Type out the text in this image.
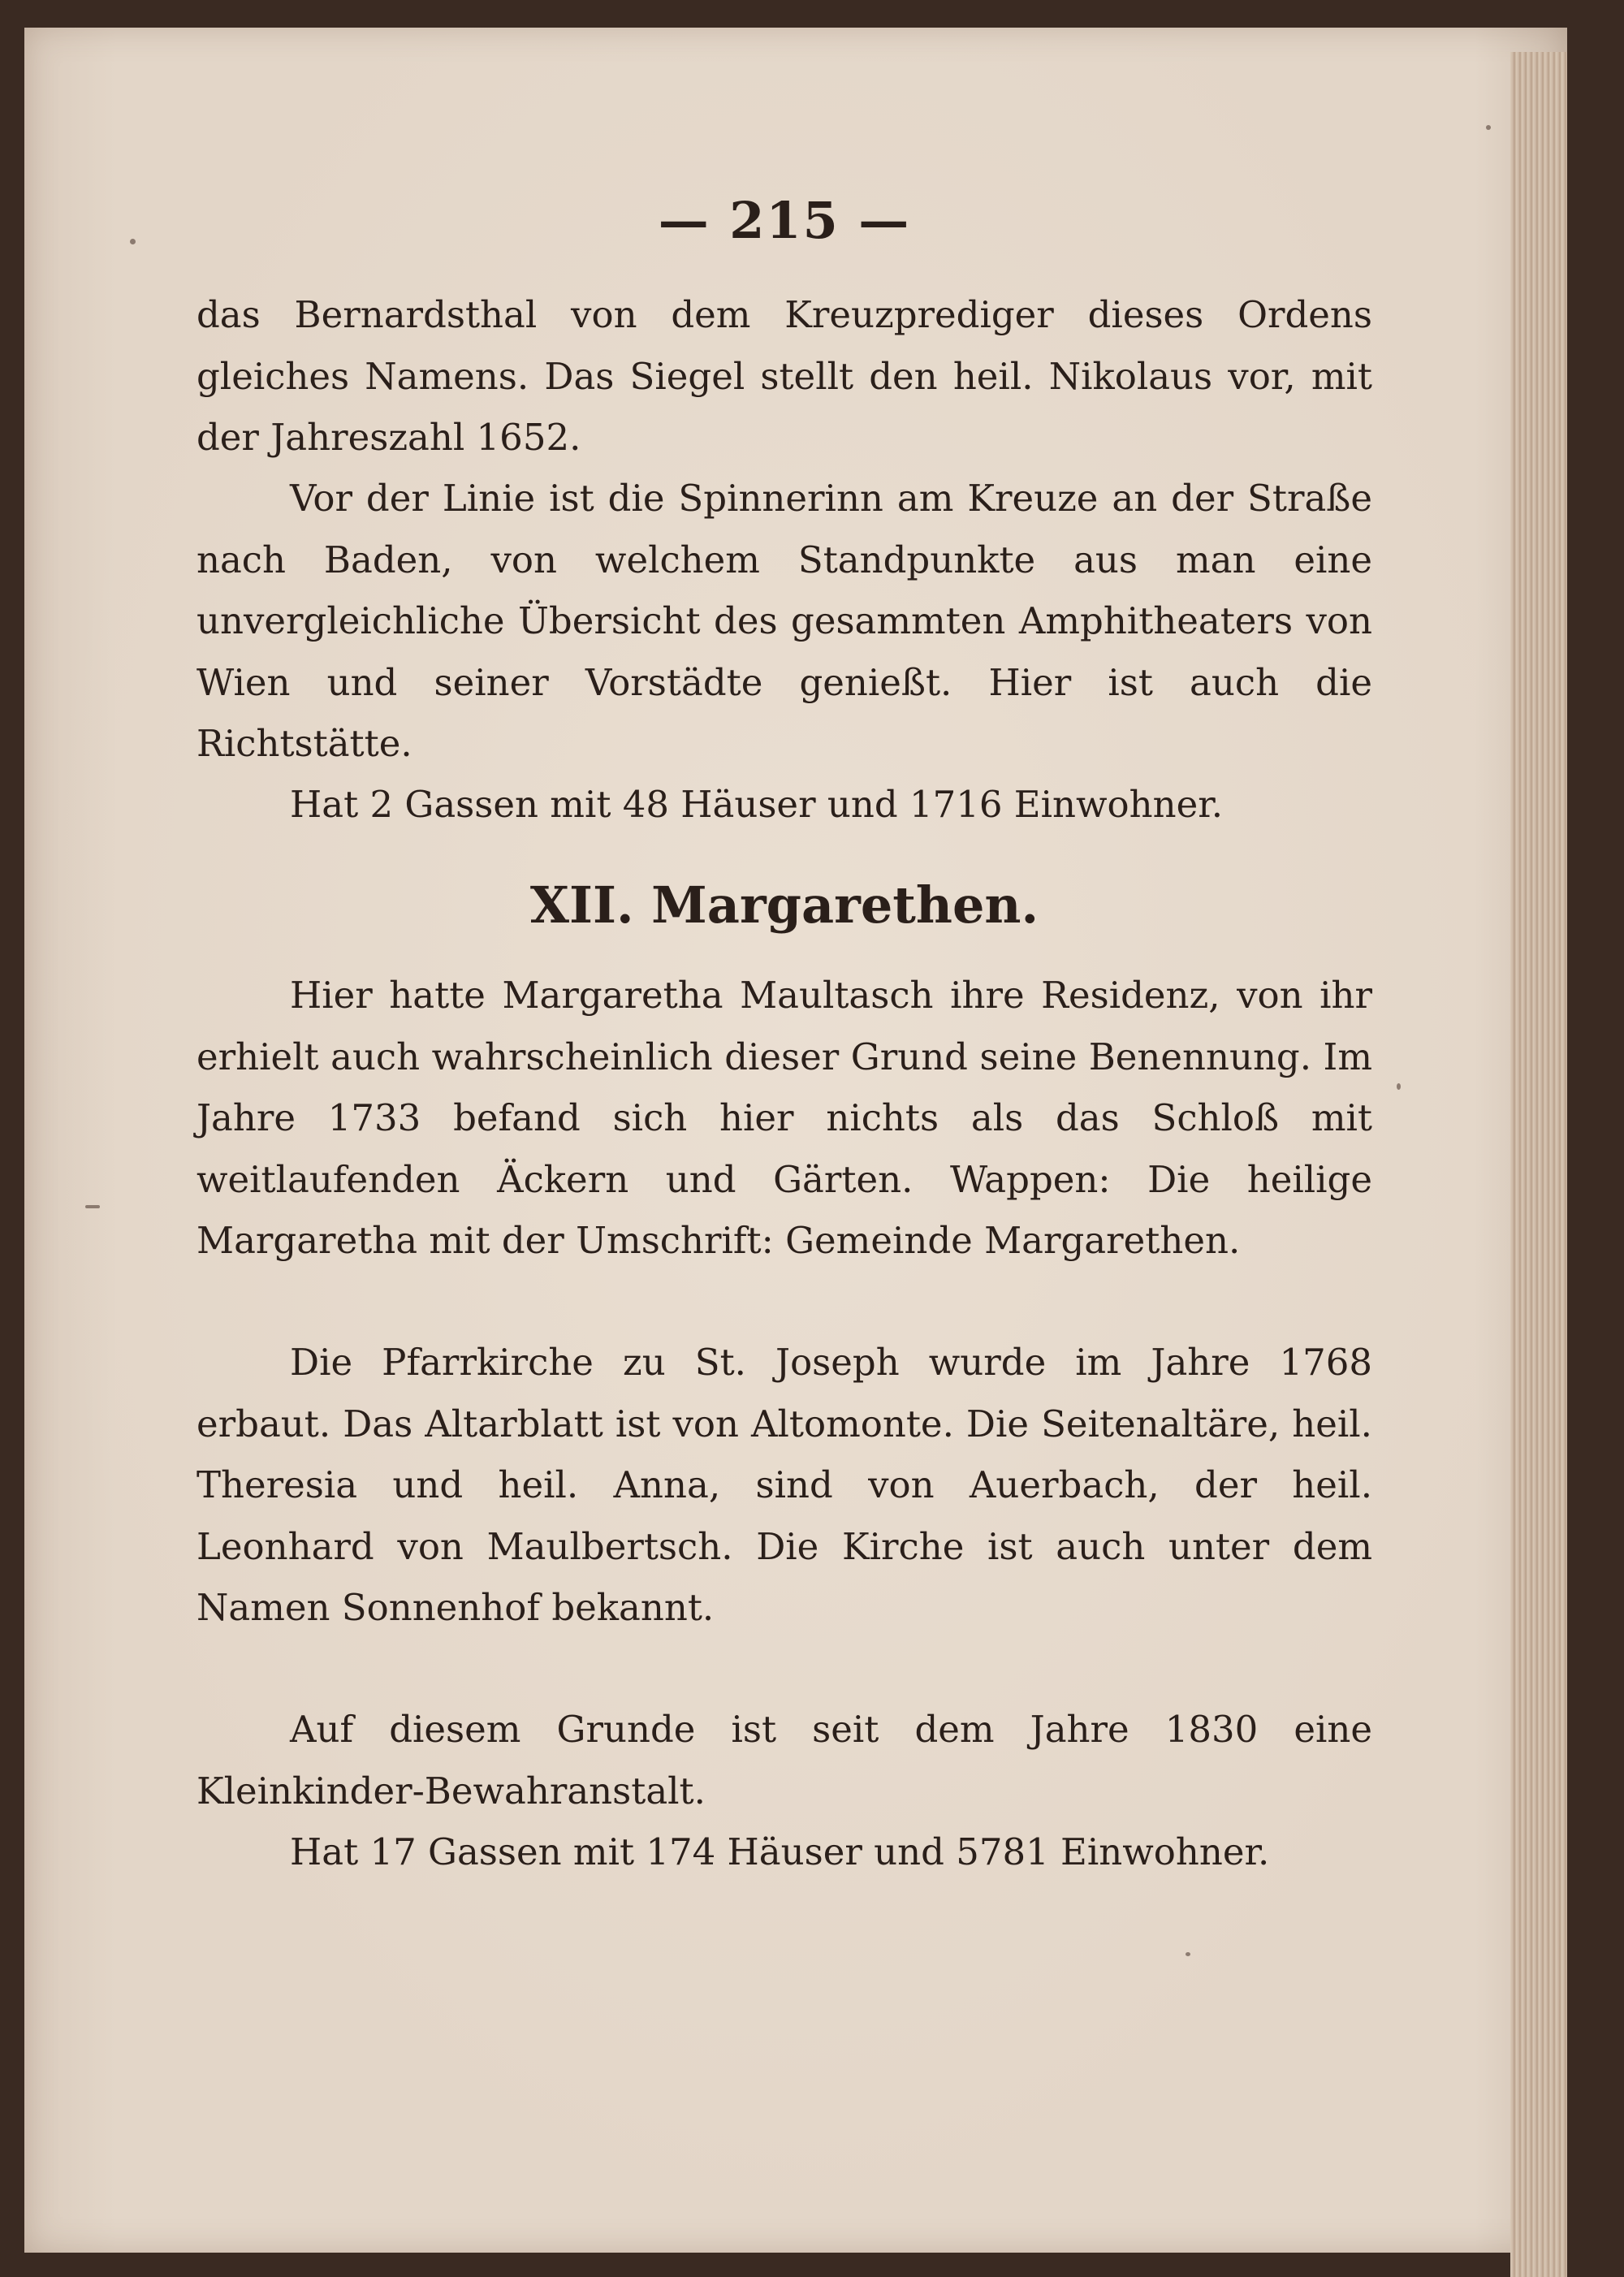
— 215 —

das Bernardsthal von dem Kreuzprediger dieses Ordens gleiches Namens. Das Siegel stellt den heil. Nikolaus vor, mit der Jahreszahl 1652.

Vor der Linie ist die Spinnerinn am Kreuze an der Straße nach Baden, von welchem Standpunkte aus man eine unvergleichliche Übersicht des gesammten Amphitheaters von Wien und seiner Vorstädte genießt. Hier ist auch die Richtstätte.

Hat 2 Gassen mit 48 Häuser und 1716 Einwohner.

XII. Margarethen.

Hier hatte Margaretha Maultasch ihre Residenz, von ihr erhielt auch wahrscheinlich dieser Grund seine Benennung. Im Jahre 1733 befand sich hier nichts als das Schloß mit weitlaufenden Äckern und Gärten. Wappen: Die heilige Margaretha mit der Umschrift: Gemeinde Margarethen.

Die Pfarrkirche zu St. Joseph wurde im Jahre 1768 erbaut. Das Altarblatt ist von Altomonte. Die Seitenaltäre, heil. Theresia und heil. Anna, sind von Auerbach, der heil. Leonhard von Maulbertsch. Die Kirche ist auch unter dem Namen Sonnenhof bekannt.

Auf diesem Grunde ist seit dem Jahre 1830 eine Kleinkinder-Bewahranstalt.

Hat 17 Gassen mit 174 Häuser und 5781 Einwohner.
